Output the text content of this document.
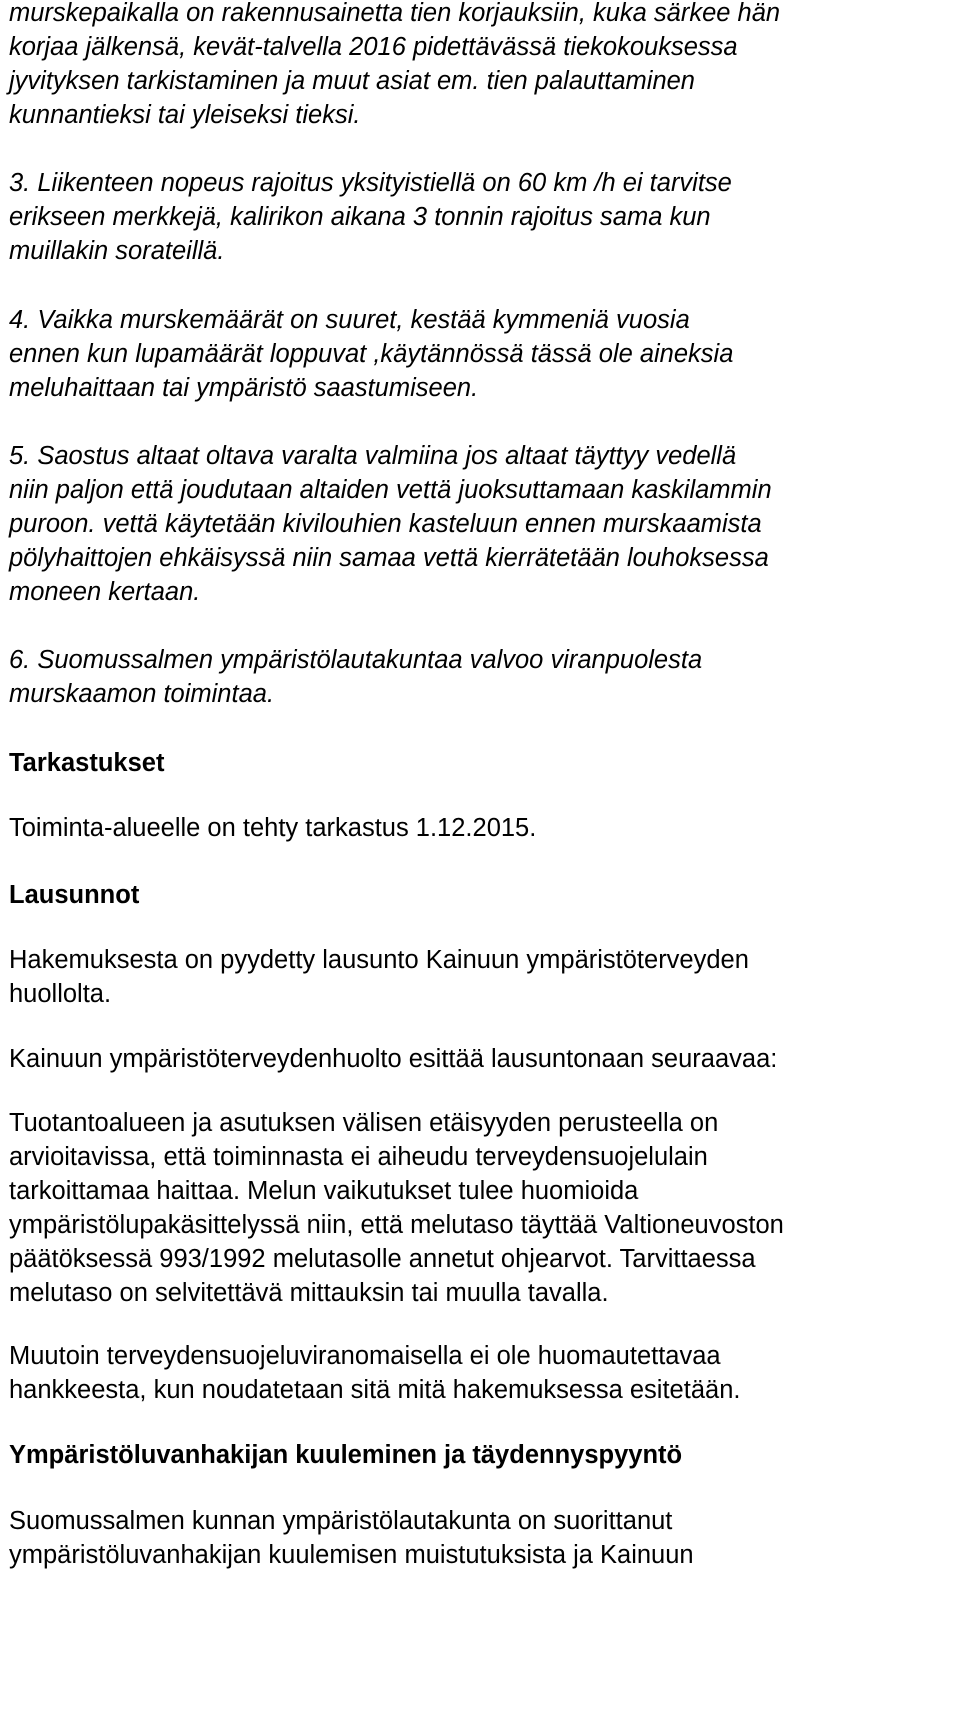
murskepaikalla on rakennusainetta tien korjauksiin, kuka särkee hän
korjaa jälkensä, kevät-talvella 2016 pidettävässä tiekokouksessa
jyvityksen tarkistaminen ja muut asiat em. tien palauttaminen
kunnantieksi tai yleiseksi tieksi.
3. Liikenteen nopeus rajoitus yksityistiellä on 60 km /h ei tarvitse
erikseen merkkejä, kalirikon aikana 3 tonnin rajoitus sama kun
muillakin sorateillä.
4. Vaikka murskemäärät on suuret, kestää kymmeniä vuosia
ennen kun lupamäärät loppuvat ,käytännössä tässä ole aineksia
meluhaittaan tai ympäristö saastumiseen.
5. Saostus altaat oltava varalta valmiina jos altaat täyttyy vedellä
niin paljon että joudutaan altaiden vettä juoksuttamaan kaskilammin
puroon. vettä käytetään kivilouhien kasteluun ennen murskaamista
pölyhaittojen ehkäisyssä niin samaa vettä kierrätetään louhoksessa
moneen kertaan.
6. Suomussalmen ympäristölautakuntaa valvoo viranpuolesta
murskaamon toimintaa.
Tarkastukset
Toiminta-alueelle on tehty tarkastus 1.12.2015.
Lausunnot
Hakemuksesta on pyydetty lausunto Kainuun ympäristöterveyden
huollolta.
Kainuun ympäristöterveydenhuolto esittää lausuntonaan seuraavaa:
Tuotantoalueen ja asutuksen välisen etäisyyden perusteella on
arvioitavissa, että toiminnasta ei aiheudu terveydensuojelulain
tarkoittamaa haittaa. Melun vaikutukset tulee huomioida
ympäristölupakäsittelyssä niin, että melutaso täyttää Valtioneuvoston
päätöksessä 993/1992 melutasolle annetut ohjearvot. Tarvittaessa
melutaso on selvitettävä mittauksin tai muulla tavalla.
Muutoin terveydensuojeluviranomaisella ei ole huomautettavaa
hankkeesta, kun noudatetaan sitä mitä hakemuksessa esitetään.
Ympäristöluvanhakijan kuuleminen ja täydennyspyyntö
Suomussalmen kunnan ympäristölautakunta on suorittanut
ympäristöluvanhakijan kuulemisen muistutuksista ja Kainuun
